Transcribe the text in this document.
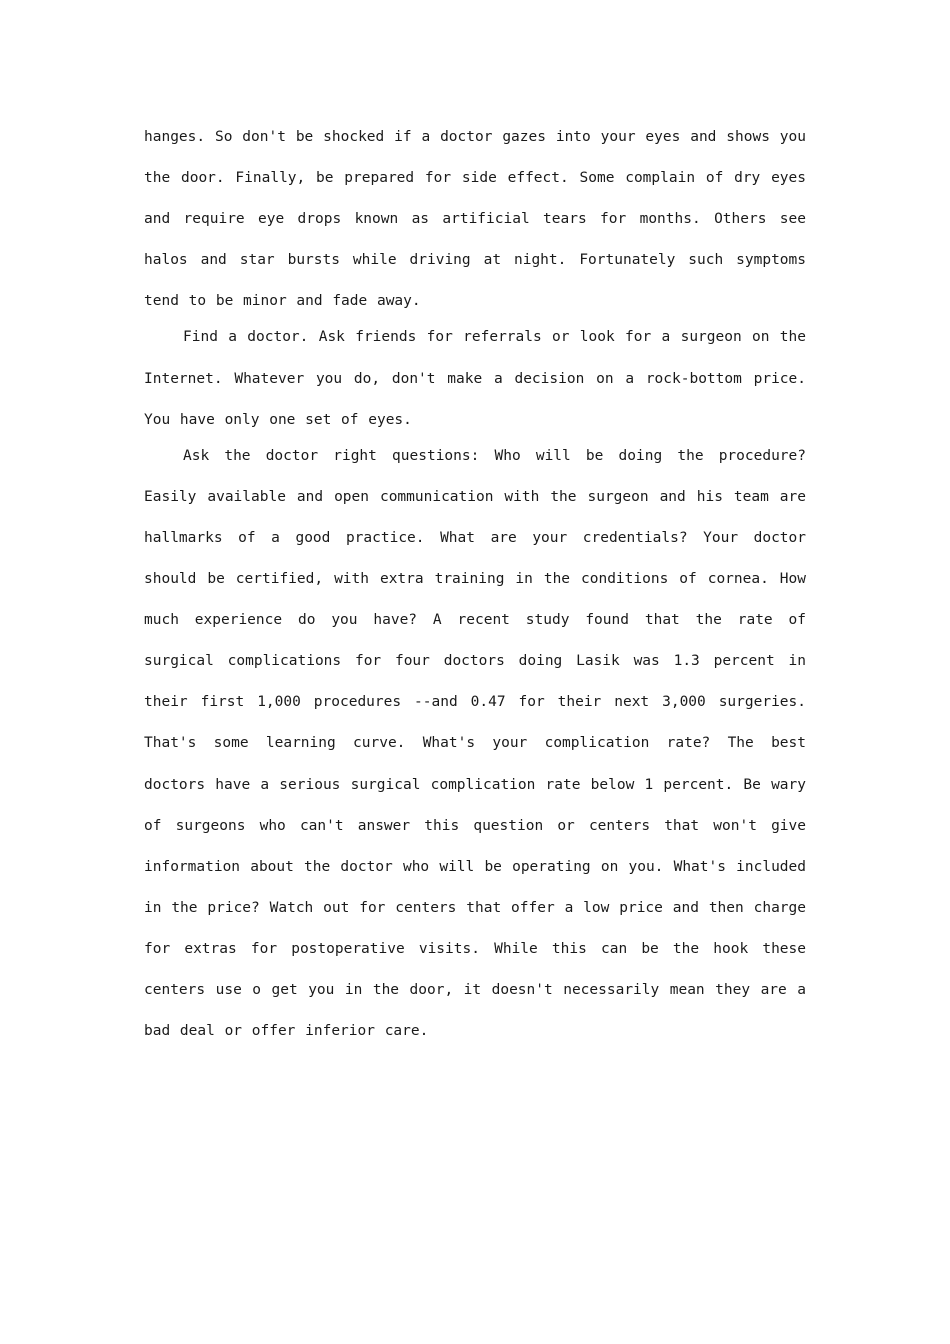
hanges. So don't be shocked if a doctor gazes into your eyes and shows you the door. Finally, be prepared for side effect. Some complain of dry eyes and require eye drops known as artificial tears for months. Others see halos and star bursts while driving at night. Fortunately such symptoms tend to be minor and fade away.

Find a doctor. Ask friends for referrals or look for a surgeon on the Internet. Whatever you do, don't make a decision on a rock-bottom price. You have only one set of eyes.

Ask the doctor right questions: Who will be doing the procedure? Easily available and open communication with the surgeon and his team are hallmarks of a good practice. What are your credentials? Your doctor should be certified, with extra training in the conditions of cornea. How much experience do you have? A recent study found that the rate of surgical complications for four doctors doing Lasik was 1.3 percent in their first 1,000 procedures --and 0.47 for their next 3,000 surgeries. That's some learning curve. What's your complication rate? The best doctors have a serious surgical complication rate below 1 percent. Be wary of surgeons who can't answer this question or centers that won't give information about the doctor who will be operating on you. What's included in the price? Watch out for centers that offer a low price and then charge for extras for postoperative visits. While this can be the hook these centers use o get you in the door, it doesn't necessarily mean they are a bad deal or offer inferior care.
